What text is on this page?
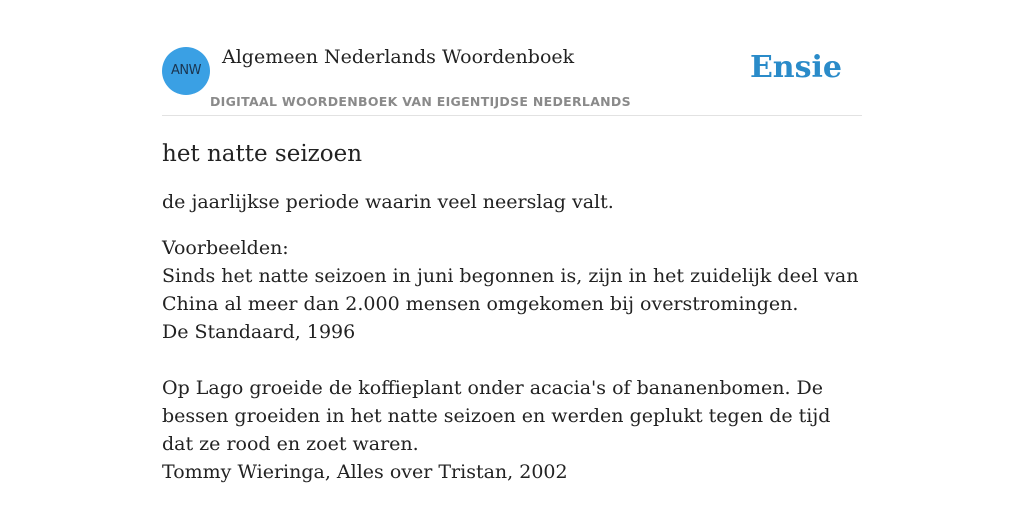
ANW
Algemeen Nederlands Woordenboek
DIGITAAL WOORDENBOEK VAN EIGENTIJDSE NEDERLANDS
Ensie
het natte seizoen

de jaarlijkse periode waarin veel neerslag valt.

Voorbeelden:
Sinds het natte seizoen in juni begonnen is, zijn in het zuidelijk deel van China al meer dan 2.000 mensen omgekomen bij overstromingen.
De Standaard, 1996
Op Lago groeide de koffieplant onder acacia's of bananenbomen. De bessen groeiden in het natte seizoen en werden geplukt tegen de tijd dat ze rood en zoet waren.
Tommy Wieringa, Alles over Tristan, 2002
